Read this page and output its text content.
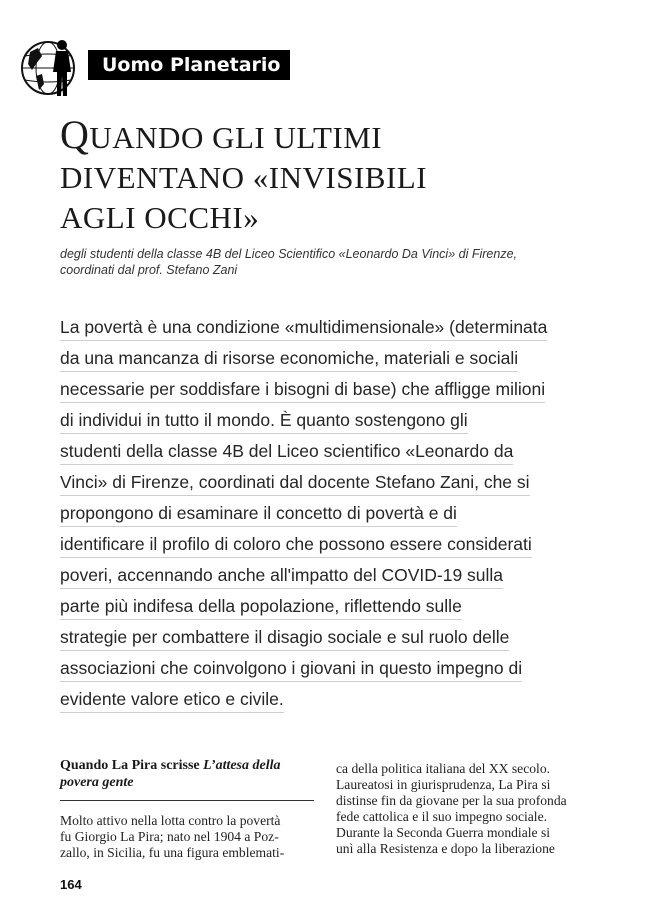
Uomo Planetario
QUANDO GLI ULTIMI
DIVENTANO «INVISIBILI
AGLI OCCHI»
degli studenti della classe 4B del Liceo Scientifico «Leonardo Da Vinci» di Firenze,
coordinati dal prof. Stefano Zani
La povertà è una condizione «multidimensionale» (determinata
da una mancanza di risorse economiche, materiali e sociali
necessarie per soddisfare i bisogni di base) che affligge milioni
di individui in tutto il mondo. È quanto sostengono gli
studenti della classe 4B del Liceo scientifico «Leonardo da
Vinci» di Firenze, coordinati dal docente Stefano Zani, che si
propongono di esaminare il concetto di povertà e di
identificare il profilo di coloro che possono essere considerati
poveri, accennando anche all'impatto del COVID-19 sulla
parte più indifesa della popolazione, riflettendo sulle
strategie per combattere il disagio sociale e sul ruolo delle
associazioni che coinvolgono i giovani in questo impegno di
evidente valore etico e civile.

Quando La Pira scrisse L’attesa della
povera gente

Molto attivo nella lotta contro la povertà
fu Giorgio La Pira; nato nel 1904 a Poz-
zallo, in Sicilia, fu una figura emblemati-
ca della politica italiana del XX secolo.
Laureatosi in giurisprudenza, La Pira si
distinse fin da giovane per la sua profonda
fede cattolica e il suo impegno sociale.
Durante la Seconda Guerra mondiale si
unì alla Resistenza e dopo la liberazione
164
